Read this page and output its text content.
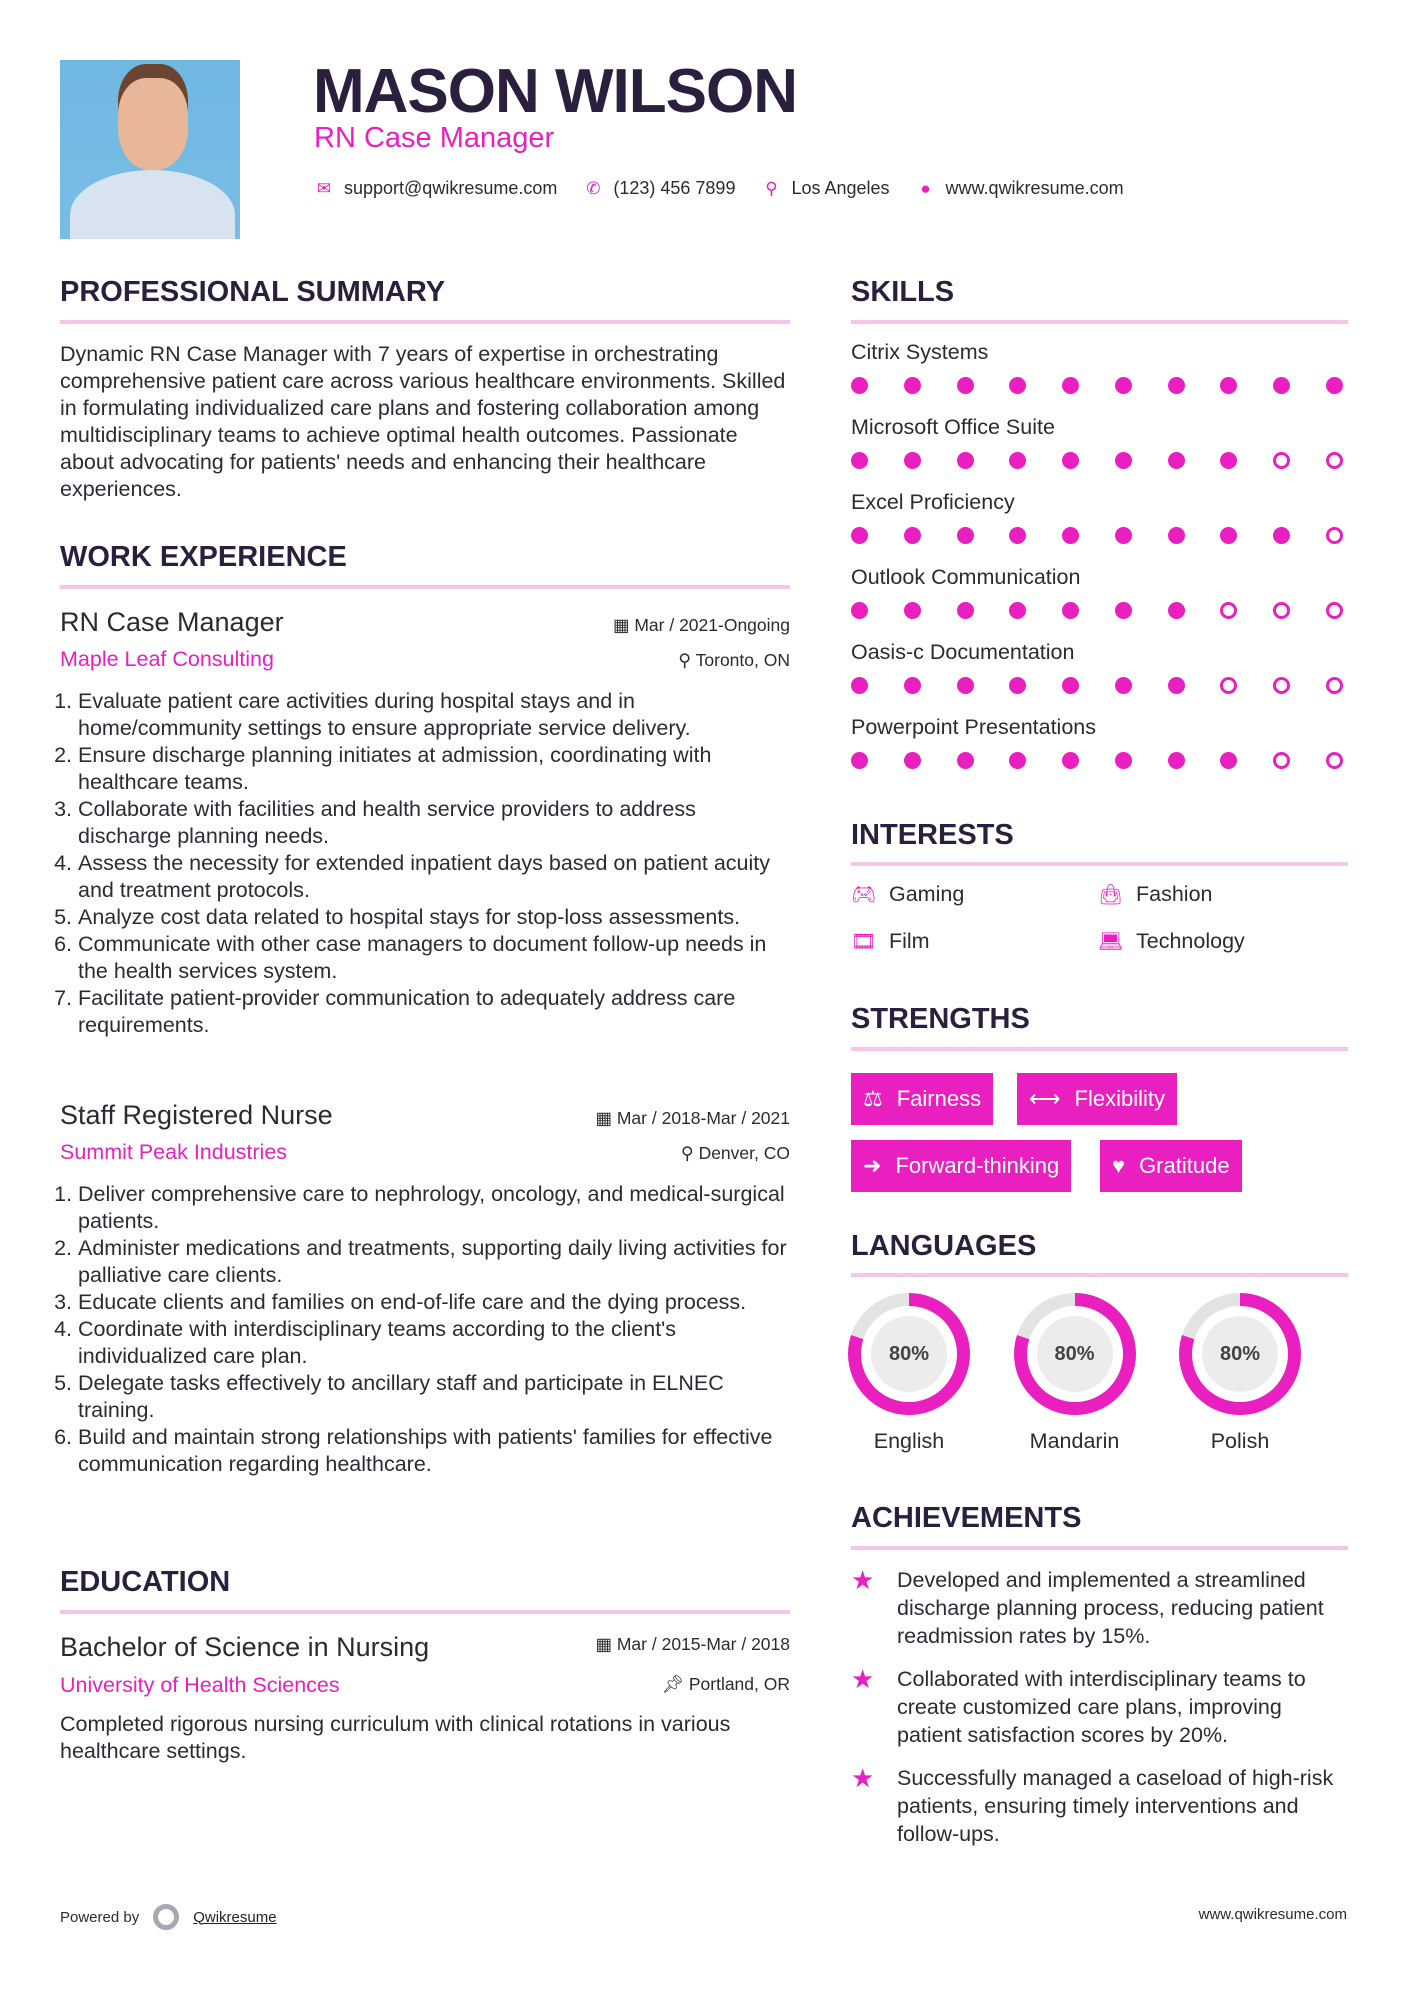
MASON WILSON
RN Case Manager
✉ support@qwikresume.com ✆ (123) 456 7899 ⚲ Los Angeles ● www.qwikresume.com
PROFESSIONAL SUMMARY
Dynamic RN Case Manager with 7 years of expertise in orchestrating comprehensive patient care across various healthcare environments. Skilled in formulating individualized care plans and fostering collaboration among multidisciplinary teams to achieve optimal health outcomes. Passionate about advocating for patients' needs and enhancing their healthcare experiences.
WORK EXPERIENCE
RN Case Manager	▦ Mar / 2021-Ongoing
Maple Leaf Consulting	⚲ Toronto, ON
1. Evaluate patient care activities during hospital stays and in home/community settings to ensure appropriate service delivery.
2. Ensure discharge planning initiates at admission, coordinating with healthcare teams.
3. Collaborate with facilities and health service providers to address discharge planning needs.
4. Assess the necessity for extended inpatient days based on patient acuity and treatment protocols.
5. Analyze cost data related to hospital stays for stop-loss assessments.
6. Communicate with other case managers to document follow-up needs in the health services system.
7. Facilitate patient-provider communication to adequately address care requirements.
Staff Registered Nurse	▦ Mar / 2018-Mar / 2021
Summit Peak Industries	⚲ Denver, CO
1. Deliver comprehensive care to nephrology, oncology, and medical-surgical patients.
2. Administer medications and treatments, supporting daily living activities for palliative care clients.
3. Educate clients and families on end-of-life care and the dying process.
4. Coordinate with interdisciplinary teams according to the client's individualized care plan.
5. Delegate tasks effectively to ancillary staff and participate in ELNEC training.
6. Build and maintain strong relationships with patients' families for effective communication regarding healthcare.
EDUCATION
Bachelor of Science in Nursing	▦ Mar / 2015-Mar / 2018
University of Health Sciences	📌︎ Portland, OR
Completed rigorous nursing curriculum with clinical rotations in various healthcare settings.
SKILLS
Citrix Systems
Microsoft Office Suite
Excel Proficiency
Outlook Communication
Oasis-c Documentation
Powerpoint Presentations
INTERESTS
🎮︎ Gaming	👜︎ Fashion
🎞︎ Film	💻︎ Technology
STRENGTHS
⚖ Fairness ⟷ Flexibility
➜ Forward-thinking ♥ Gratitude
LANGUAGES
80%
English
80%
Mandarin
80%
Polish
ACHIEVEMENTS
★	Developed and implemented a streamlined discharge planning process, reducing patient readmission rates by 15%.
★	Collaborated with interdisciplinary teams to create customized care plans, improving patient satisfaction scores by 20%.
★	Successfully managed a caseload of high-risk patients, ensuring timely interventions and follow-ups.
Powered by	Qwikresume	www.qwikresume.com
